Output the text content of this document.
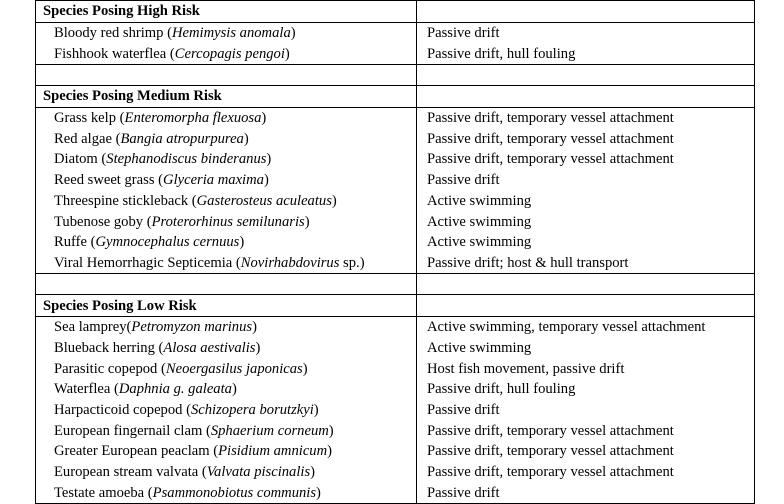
Species Posing High Risk	
Bloody red shrimp (Hemimysis anomala)	Passive drift
Fishhook waterflea (Cercopagis pengoi)	Passive drift, hull fouling

Species Posing Medium Risk	
Grass kelp (Enteromorpha flexuosa)	Passive drift, temporary vessel attachment
Red algae (Bangia atropurpurea)	Passive drift, temporary vessel attachment
Diatom (Stephanodiscus binderanus)	Passive drift, temporary vessel attachment
Reed sweet grass (Glyceria maxima)	Passive drift
Threespine stickleback (Gasterosteus aculeatus)	Active swimming
Tubenose goby (Proterorhinus semilunaris)	Active swimming
Ruffe (Gymnocephalus cernuus)	Active swimming
Viral Hemorrhagic Septicemia (Novirhabdovirus sp.)	Passive drift; host & hull transport

Species Posing Low Risk	
Sea lamprey(Petromyzon marinus)	Active swimming, temporary vessel attachment
Blueback herring (Alosa aestivalis)	Active swimming
Parasitic copepod (Neoergasilus japonicas)	Host fish movement, passive drift
Waterflea (Daphnia g. galeata)	Passive drift, hull fouling
Harpacticoid copepod (Schizopera borutzkyi)	Passive drift
European fingernail clam (Sphaerium corneum)	Passive drift, temporary vessel attachment
Greater European peaclam (Pisidium amnicum)	Passive drift, temporary vessel attachment
European stream valvata (Valvata piscinalis)	Passive drift, temporary vessel attachment
Testate amoeba (Psammonobiotus communis)	Passive drift
